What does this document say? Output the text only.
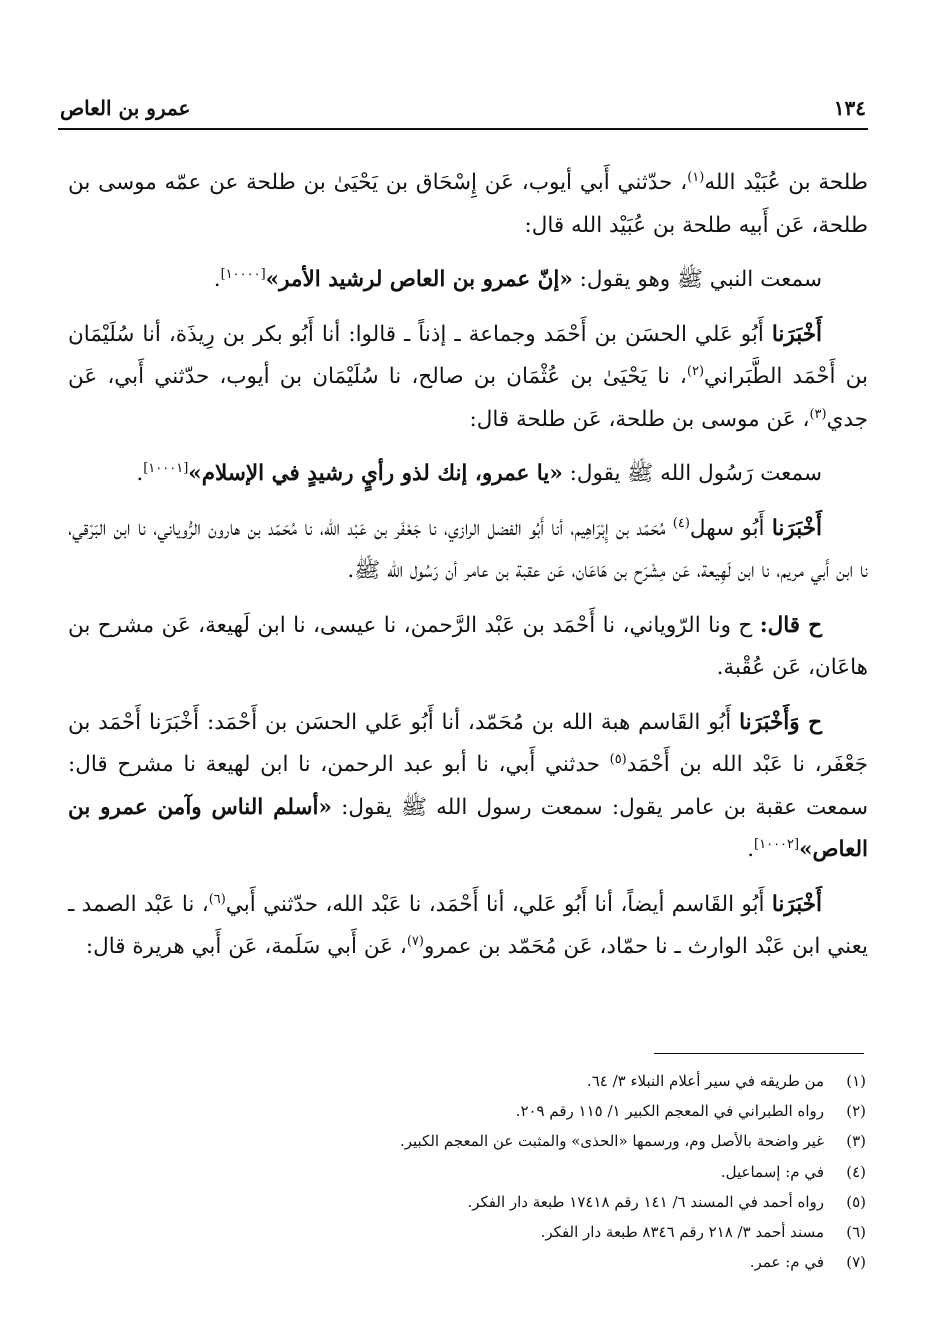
١٣٤
عمرو بن العاص

طلحة بن عُبَيْد الله$^{(١)}$، حدّثني أَبي أيوب، عَن إِسْحَاق بن يَحْيَىٰ بن طلحة عن عمّه موسى بن طلحة، عَن أَبيه طلحة بن عُبَيْد الله قال:

سمعت النبي ﷺ وهو يقول: «إنّ عمرو بن العاص لرشيد الأمر»[١٠٠٠٠].

أَخْبَرَنا أَبُو عَلي الحسَن بن أَحْمَد وجماعة ـ إذناً ـ قالوا: أنا أَبُو بكر بن رِيذَة، أنا سُلَيْمَان بن أَحْمَد الطَّبَراني$^{(٢)}$، نا يَحْيَىٰ بن عُثْمَان بن صالح، نا سُلَيْمَان بن أيوب، حدّثني أَبي، عَن جدي$^{(٣)}$، عَن موسى بن طلحة، عَن طلحة قال:

سمعت رَسُول الله ﷺ يقول: «يا عمرو، إنك لذو رأيٍ رشيدٍ في الإسلام»[١٠٠٠١].

أَخْبَرَنا أَبُو سهل$^{(٤)}$ مُحَمّد بن إِبْرَاهِيم، أنا أَبُو الفضل الرازي، نا جَعْفَر بن عَبْد الله، نا مُحَمّد بن هارون الرُّوياني، نا ابن البَرْقي، نا ابن أَبي مريم، نا ابن لَهِيعة، عَن مِشْرَح بن هَاعَان، عَن عقبة بن عامر أن رَسُول الله ﷺ.

ح قال: ح ونا الرّوياني، نا أَحْمَد بن عَبْد الرَّحمن، نا عيسى، نا ابن لَهيعة، عَن مشرح بن هاعَان، عَن عُقْبة.

ح وَأَخْبَرَنا أَبُو القَاسم هبة الله بن مُحَمّد، أنا أَبُو عَلي الحسَن بن أَحْمَد: أَخْبَرَنا أَحْمَد بن جَعْفَر، نا عَبْد الله بن أَحْمَد$^{(٥)}$ حدثني أَبي، نا أبو عبد الرحمن، نا ابن لهيعة نا مشرح قال: سمعت عقبة بن عامر يقول: سمعت رسول الله ﷺ يقول: «أسلم الناس وآمن عمرو بن العاص»[١٠٠٠٢].

أَخْبَرَنا أَبُو القَاسم أيضاً، أنا أَبُو عَلي، أنا أَحْمَد، نا عَبْد الله، حدّثني أَبي$^{(٦)}$، نا عَبْد الصمد ـ يعني ابن عَبْد الوارث ـ نا حمّاد، عَن مُحَمّد بن عمرو$^{(٧)}$، عَن أَبي سَلَمة، عَن أَبي هريرة قال:

(١)
من طريقه في سير أعلام النبلاء ٣/ ٦٤.
(٢)
رواه الطبراني في المعجم الكبير ١/ ١١٥ رقم ٢٠٩.
(٣)
غير واضحة بالأصل وم، ورسمها «الحذى» والمثبت عن المعجم الكبير.
(٤)
في م: إسماعيل.
(٥)
رواه أحمد في المسند ٦/ ١٤١ رقم ١٧٤١٨ طبعة دار الفكر.
(٦)
مسند أحمد ٣/ ٢١٨ رقم ٨٣٤٦ طبعة دار الفكر.
(٧)
في م: عمر.
